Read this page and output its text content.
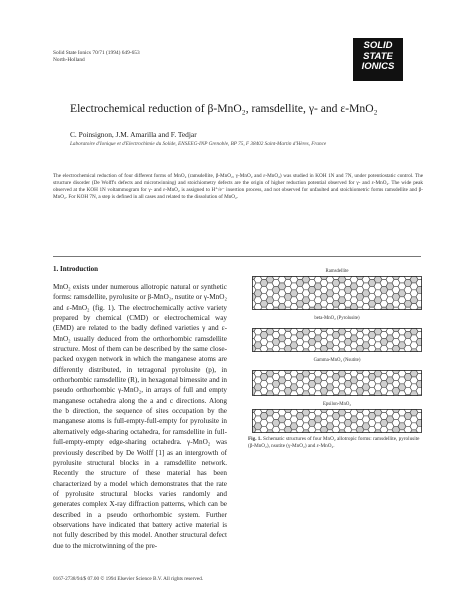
Solid State Ionics 70/71 (1994) 649-653
North-Holland
SOLID
STATE
IONICS
Electrochemical reduction of β-MnO₂, ramsdellite, γ- and ε-MnO₂
C. Poinsignon, J.M. Amarilla and F. Tedjar
Laboratoire d'Ionique et d'Electrochimie du Solide, ENSEEG-INP Grenoble, BP 75, F 38402 Saint-Martin d'Hères, France
The electrochemical reduction of four different forms of MnO₂ (ramsdellite, β-MnO₂, γ-MnO₂ and ε-MnO₂) was studied in KOH 1N and 7N, under potentiostatic control. The structure disorder (De Wolff's defects and microtwinning) and stoichiometry defects are the origin of higher reduction potential observed for γ- and ε-MnO₂. The wide peak observed at the KOH 1N voltammogram for γ- and ε-MnO₂ is assigned to H⁺/e⁻ insertion process, and not observed for unfaulted and stoichiometric forms ramsdellite and β-MnO₂. For KOH 7N, a step is defined in all cases and related to the dissolution of MnO₂.
1. Introduction
MnO₂ exists under numerous allotropic natural or synthetic forms: ramsdellite, pyrolusite or β-MnO₂, nsutite or γ-MnO₂ and ε-MnO₂ (fig. 1). The electrochemically active variety prepared by chemical (CMD) or electrochemical way (EMD) are related to the badly defined varieties γ and ε-MnO₂ usually deduced from the orthorhombic ramsdellite structure. Most of them can be described by the same close-packed oxygen network in which the manganese atoms are differently distributed, in tetragonal pyrolusite (p), in orthorhombic ramsdellite (R), in hexagonal birnessite and in pseudo orthorhombic γ-MnO₂, in arrays of full and empty manganese octahedra along the a and c directions. Along the b direction, the sequence of sites occupation by the manganese atoms is full-empty-full-empty for pyrolusite in alternatively edge-sharing octahedra, for ramsdellite in full-full-empty-empty edge-sharing octahedra. γ-MnO₂ was previously described by De Wolff [1] as an intergrowth of pyrolusite structural blocks in a ramsdellite network. Recently the structure of these material has been characterized by a model which demonstrates that the rate of pyrolusite structural blocks varies randomly and generates complex X-ray diffraction patterns, which can be described in a pseudo orthorhombic system. Further observations have indicated that battery active material is not fully described by this model. Another structural defect due to the microtwinning of the pre-
Ramsdellite
beta-MnO₂ (Pyrolusite)
Gamma-MnO₂ (Nsutite)
Epsilon-MnO₂
Fig. 1. Schematic structures of four MnO₂ allotropic forms: ramsdellite, pyrolusite (β-MnO₂), nsutite (γ-MnO₂) and ε-MnO₂.
0167-2738/94/$ 07.00 © 1994 Elsevier Science B.V. All rights reserved.
